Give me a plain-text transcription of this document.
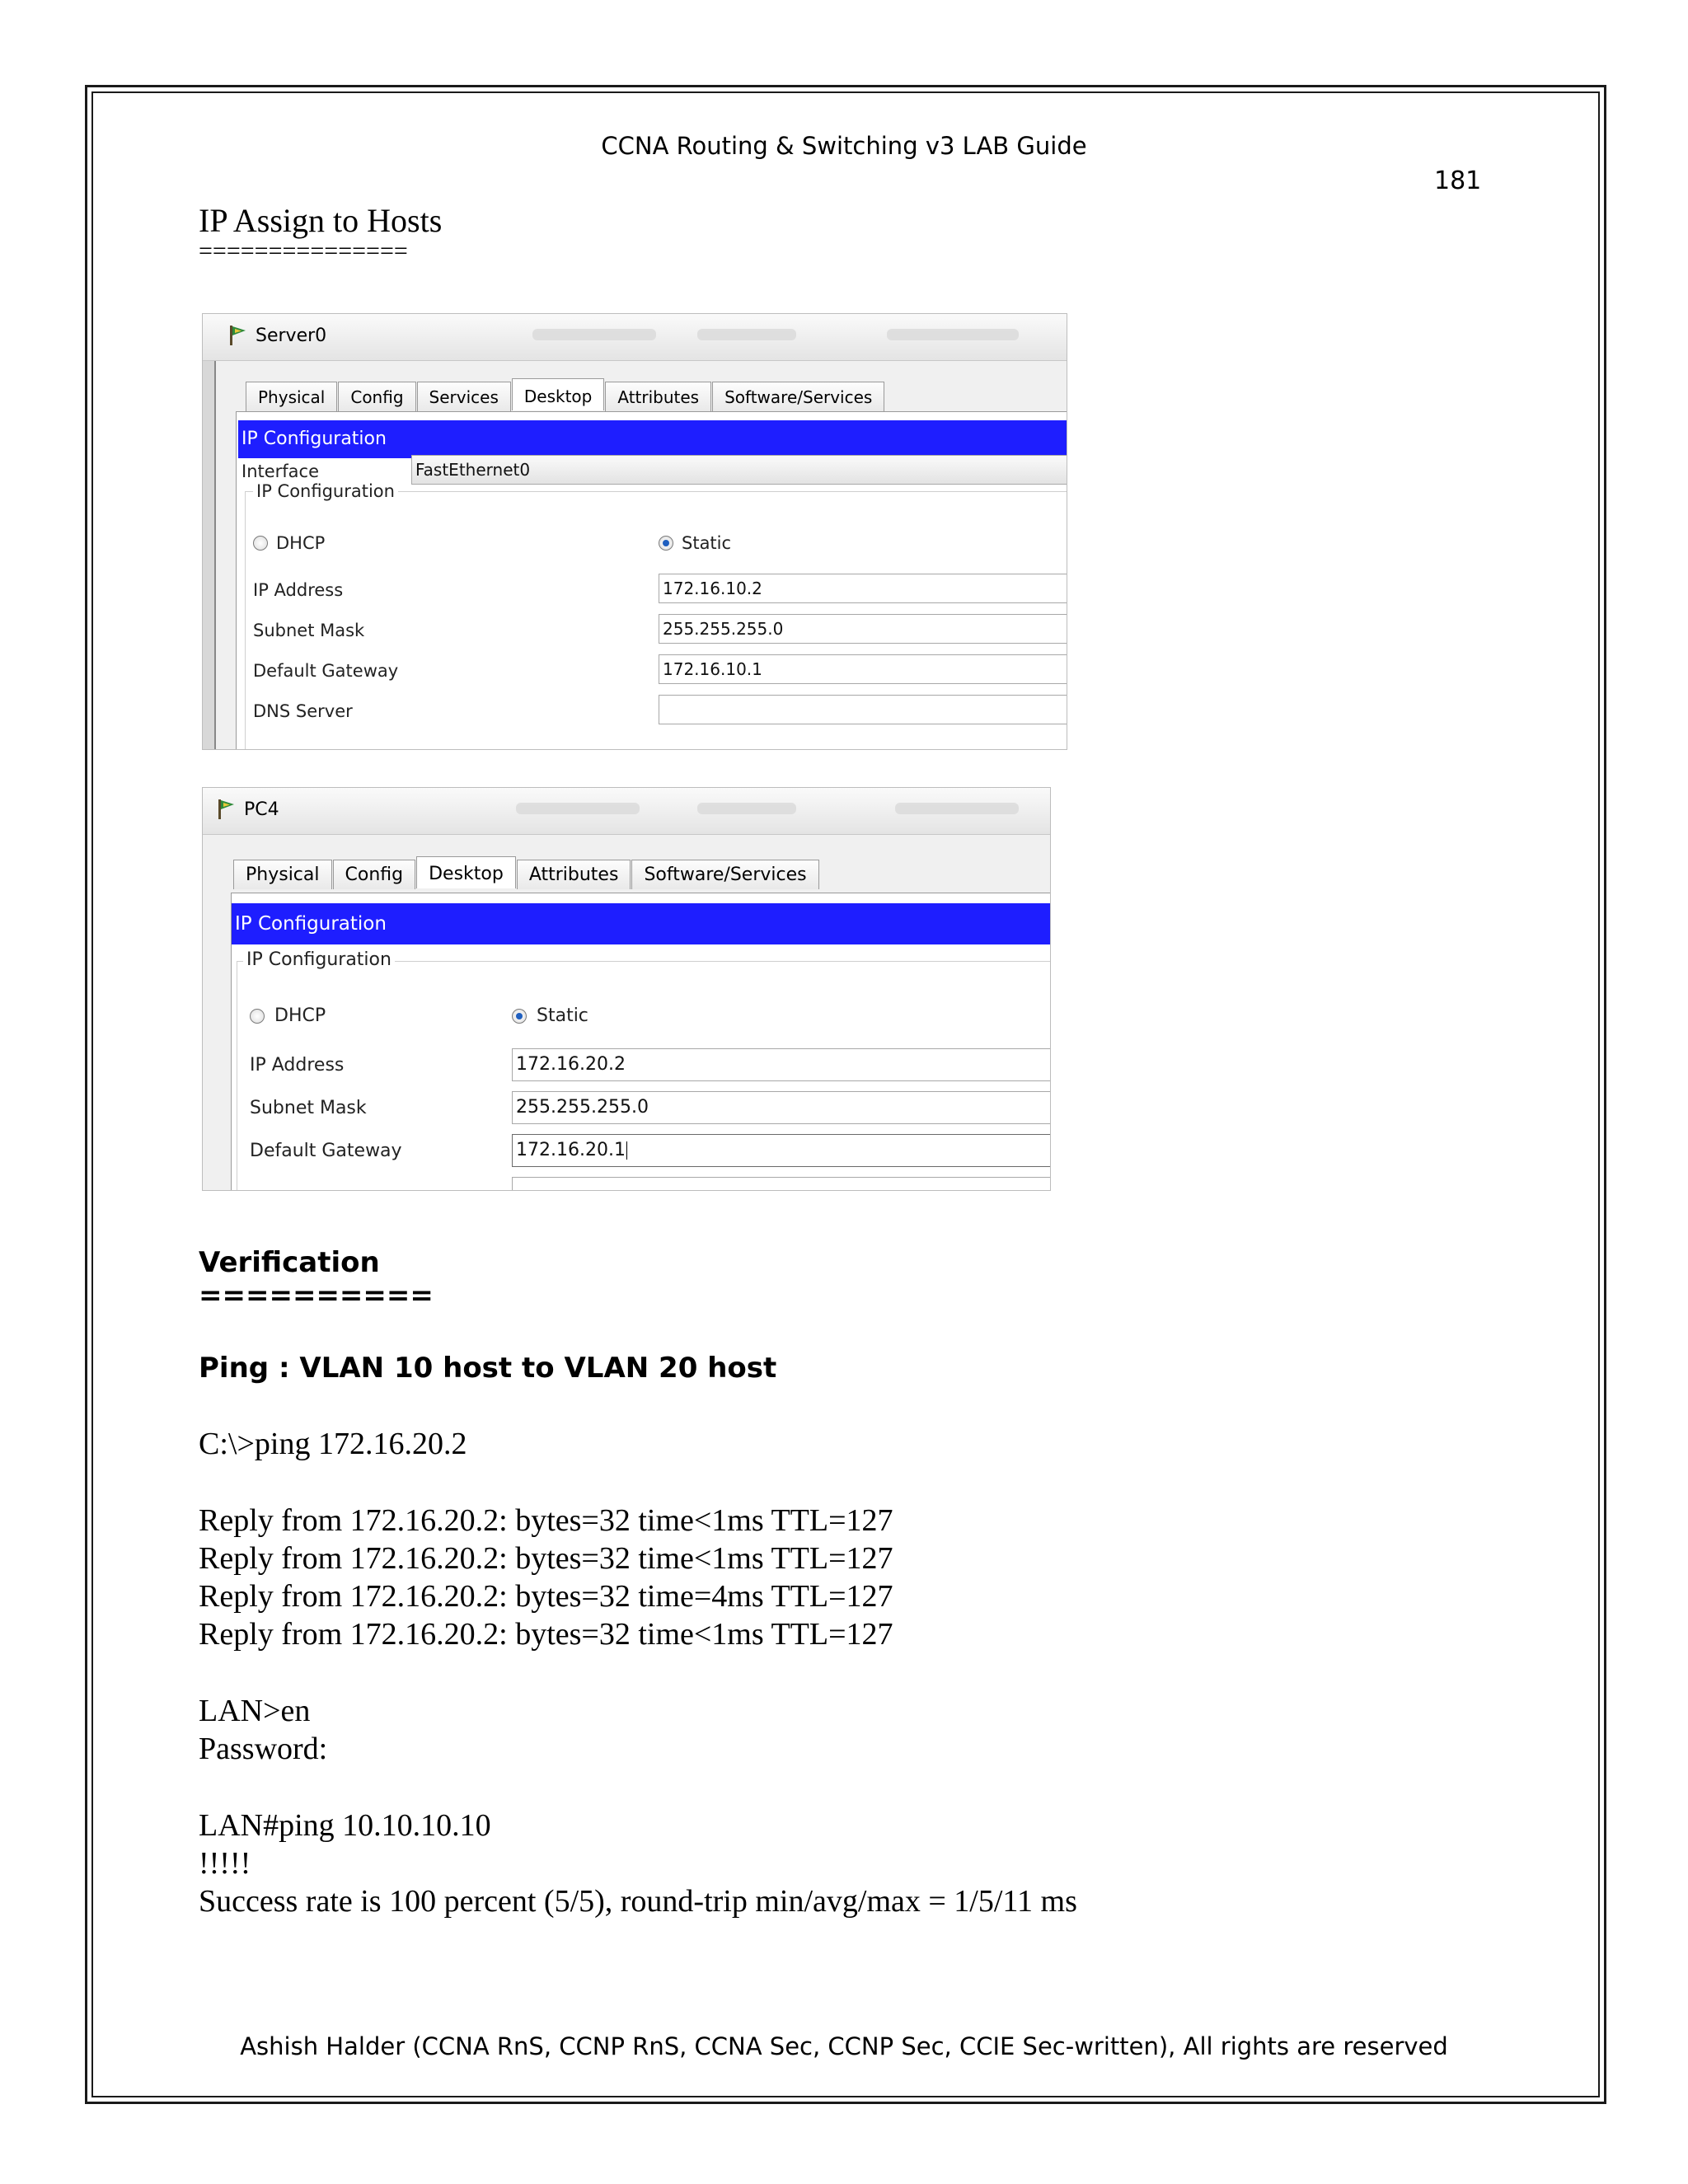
CCNA Routing & Switching v3 LAB Guide
181
IP Assign to Hosts
===============
Server0
Physical	Config	Services	Desktop	Attributes	Software/Services
IP Configuration
Interface	FastEthernet0
IP Configuration
DHCP	Static
IP Address	172.16.10.2
Subnet Mask	255.255.255.0
Default Gateway	172.16.10.1
DNS Server
PC4
Physical	Config	Desktop	Attributes	Software/Services
IP Configuration
IP Configuration
DHCP	Static
IP Address	172.16.20.2
Subnet Mask	255.255.255.0
Default Gateway	172.16.20.1
Verification
==========
Ping : VLAN 10 host to VLAN 20 host
C:\>ping 172.16.20.2
Reply from 172.16.20.2: bytes=32 time<1ms TTL=127
Reply from 172.16.20.2: bytes=32 time<1ms TTL=127
Reply from 172.16.20.2: bytes=32 time=4ms TTL=127
Reply from 172.16.20.2: bytes=32 time<1ms TTL=127
LAN>en
Password:
LAN#ping 10.10.10.10
!!!!!
Success rate is 100 percent (5/5), round-trip min/avg/max = 1/5/11 ms
Ashish Halder (CCNA RnS, CCNP RnS, CCNA Sec, CCNP Sec, CCIE Sec-written), All rights are reserved
